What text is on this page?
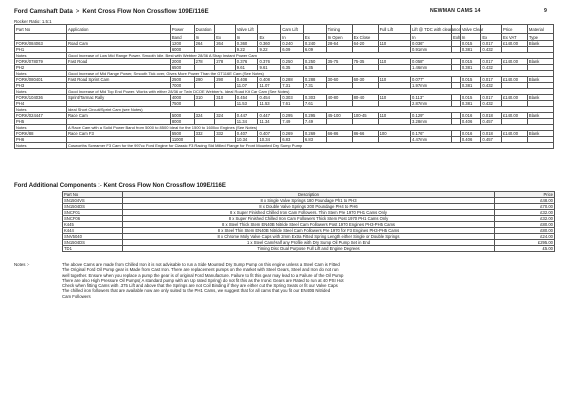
Ford Camshaft Data > Kent Cross Flow Non Crossflow 109E/116E	NEWMAN CAMS 14	9
Rocker Ratio: 1.5:1
Part No	Application	Power	Duration		Valve Lift		Cam Lift		Timing				Full Lift	Lift @ TDC with clearance		Valve Clear		Price	Material
		Band	In	Ex	In	Ex	In	Ex	In Open	Ex Close				In	Exh	In	Ex	Ex VAT	Type
FORK/084063	Road Cam	1200	264	264	0.360	0.360	0.240	0.240	28-64	64-20			110	0.036"		0.015	0.017	£140.00	Blank
PH1		6000			9.22	9.22	6.09	6.09						0.91mm		0.381	0.432		
Notes	Good Increase of Low Mid Range Power. Smooth Idle. Best with Webber 28/36 A Shap Instant Power Cam																
FORK/078079	Fast Road	2000	278	278	0.376	0.376	0.250	0.250	35-75	75-35			110	0.058"		0.015	0.017	£140.00	Blank
PH2		6500			9.61	9.61	6.35	6.35						1.46mm		0.381	0.432		
Notes	Good Increase of Mid Range Power, Smooth Tick over, Gives More Power Than the GT116E Cam (See Notes)																
FORK/080401	Fast Road Sprint Cam	2500	290	290	0.408	0.408	0.288	0.288	30-60	60-30			110	0.077"		0.015	0.017	£140.00	Blank
PH3		7000			11.07	11.07	7.31	7.31						1.97mm		0.381	0.432		
Notes	Good Increase of Mid Top End Power. Works with either 28/36 or Twin DCOE Webber's. Ideal Road Kit Car Cam (See Notes)																
FORK/104036	Sprint/Tarmac Rally	4000	310	310	0.454	0.454	0.303	0.303	40-80	80-40			110	0.113"		0.015	0.017	£140.00	Blank
PH4		7500			11.53	11.53	7.61	7.61						2.87mm		0.381	0.432		
Notes	Ideal Short Circuit/Sprint Cam (see Notes)																
FORK/024447	Race Cam	5000	324	324	0.447	0.447	0.295	0.295	45-100	100-45			110	0.129"		0.016	0.018	£140.00	Blank
PH5		8000			11.34	11.34	7.49	7.49						3.28mm		0.406	0.457		
Notes	A Race Cam with a Solid Power Band from 5000 to 8500 Ideal for the 1500 to 1600cc Engines (See Notes)																
FORK/88	Race Cam F3	5500	332	332	0.407	0.407	0.269	0.269	66-86	86-66			100	0.176"		0.016	0.018	£140.00	Blank
PH6		11000			10.34	10.34	6.83	6.83						4.47mm		0.406	0.457		
Notes	Cosworths Screamer F3 Cam for the 997cc Ford Engine for Classic F3 Racing Std Milled Flange for Front Mounted Dry Sump Pump																
Ford Additional Components :- Kent Cross Flow Non Crossflow 109E/116E
Part No	Description	Price
SN1504VS	8 x Single Valve Springs 180 Poundage Ph1 to PH3	£48.00
SN1504DS	8 x Double Valve Springs 200 Poundage PH4 to PH6	£70.00
SNCF01	8 x Super Finished Chilled Iron Cam Followers. Thin Stem Pre 1970 PH1 Cams Only	£32.00
SNCF06	8 x Super Finished Chilled Iron Cam Followers Thick Stem Post 1970 PH1 Cams Only	£32.00
K445	8 x Steel Thick Stem EN40B Nitride Steel Cam Followers Post 1970 Engines PH3-PH5 Cams	£80.00
K444	8 x Steel Thin Stem EN40B Nitride Steel Cam Followers Pre 1970 for F3 Engines PH3-PH5 Cams	£80.00
SNV5040	8 x Chrome Moly Valve Caps with 2mm Extra Fitted Spring Length either Single or Double Springs	£24.00
SN1504DS	1 x Steel Cam/Half any Profile with Dry Sump Oil Pump Set in End	£295.00
TD1	Timing Disc Dual Purpose Full Lift and Engine Degrees	£5.00
Notes :-	The above Cams are made from Chilled Iron it is not advisable to run a Side Mounted Dry Sump Pump on this engine unless a Steel Cam is Fitted
The Original Ford Oil Pump gear is Made from Cast Iron. There are replacement pumps on the market with Steel Gears, Steel and Iron do not run
well together. Ensure when you replace a pump the gear is of original Ford Manufacture. Failure to fit this gear may lead to a Failure of the Oil Pump
There are also High Pressure Oil Pumps( A standard pump with an Up rated Spring) do not fit this as the Ironic Gears are Rated to run at 40 PSI Hot
Check when fitting Cams with .375 Lift and above that the Springs are not Coil Binding if they are either cut the Spring Seats or fit our Valve Caps
The chilled iron followers that are available now are only suited to the PH1 Cams, we suggest that for all cams that you fit our EN40B Nitrided
Cam Followers
